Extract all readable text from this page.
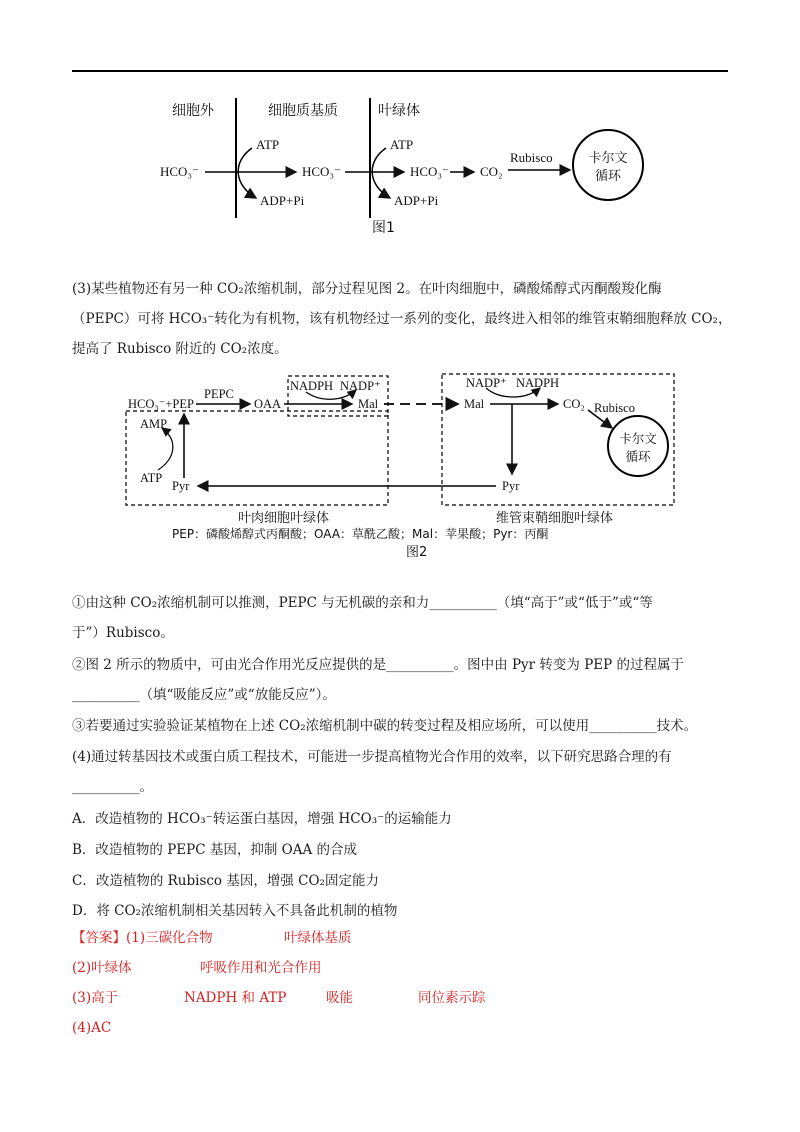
细胞外	细胞质基质	叶绿体
HCO₃⁻	HCO₃⁻	HCO₃⁻ CO₂
Rubisco	卡尔文
循环
ATP
ADP+Pi
ATP
ADP+Pi
图1
(3)某些植物还有另一种 CO₂浓缩机制，部分过程见图 2。在叶肉细胞中，磷酸烯醇式丙酮酸羧化酶
（PEPC）可将 HCO₃⁻转化为有机物，该有机物经过一系列的变化，最终进入相邻的维管束鞘细胞释放 CO₂，
提高了 Rubisco 附近的 CO₂浓度。
HCO₃⁻+PEP
PEPC
OAA
NADPH NADP⁺
Mal	Mal
NADP⁺ NADPH
CO₂ Rubisco
卡尔文
循环
Pyr
Pyr
AMP
ATP
叶肉细胞叶绿体	维管束鞘细胞叶绿体
PEP：磷酸烯醇式丙酮酸；OAA：草酰乙酸；Mal：苹果酸；Pyr：丙酮
图2
①由这种 CO₂浓缩机制可以推测，PEPC 与无机碳的亲和力__________（填“高于”或“低于”或“等
于”）Rubisco。
②图 2 所示的物质中，可由光合作用光反应提供的是__________。图中由 Pyr 转变为 PEP 的过程属于
__________（填“吸能反应”或“放能反应”）。
③若要通过实验验证某植物在上述 CO₂浓缩机制中碳的转变过程及相应场所，可以使用__________技术。
(4)通过转基因技术或蛋白质工程技术，可能进一步提高植物光合作用的效率，以下研究思路合理的有
__________。
A．改造植物的 HCO₃⁻转运蛋白基因，增强 HCO₃⁻的运输能力
B．改造植物的 PEPC 基因，抑制 OAA 的合成
C．改造植物的 Rubisco 基因，增强 CO₂固定能力
D．将 CO₂浓缩机制相关基因转入不具备此机制的植物
【答案】 (1)三碳化合物	叶绿体基质
(2)叶绿体	呼吸作用和光合作用
(3)高于	NADPH 和 ATP	吸能	同位素示踪
(4)AC
